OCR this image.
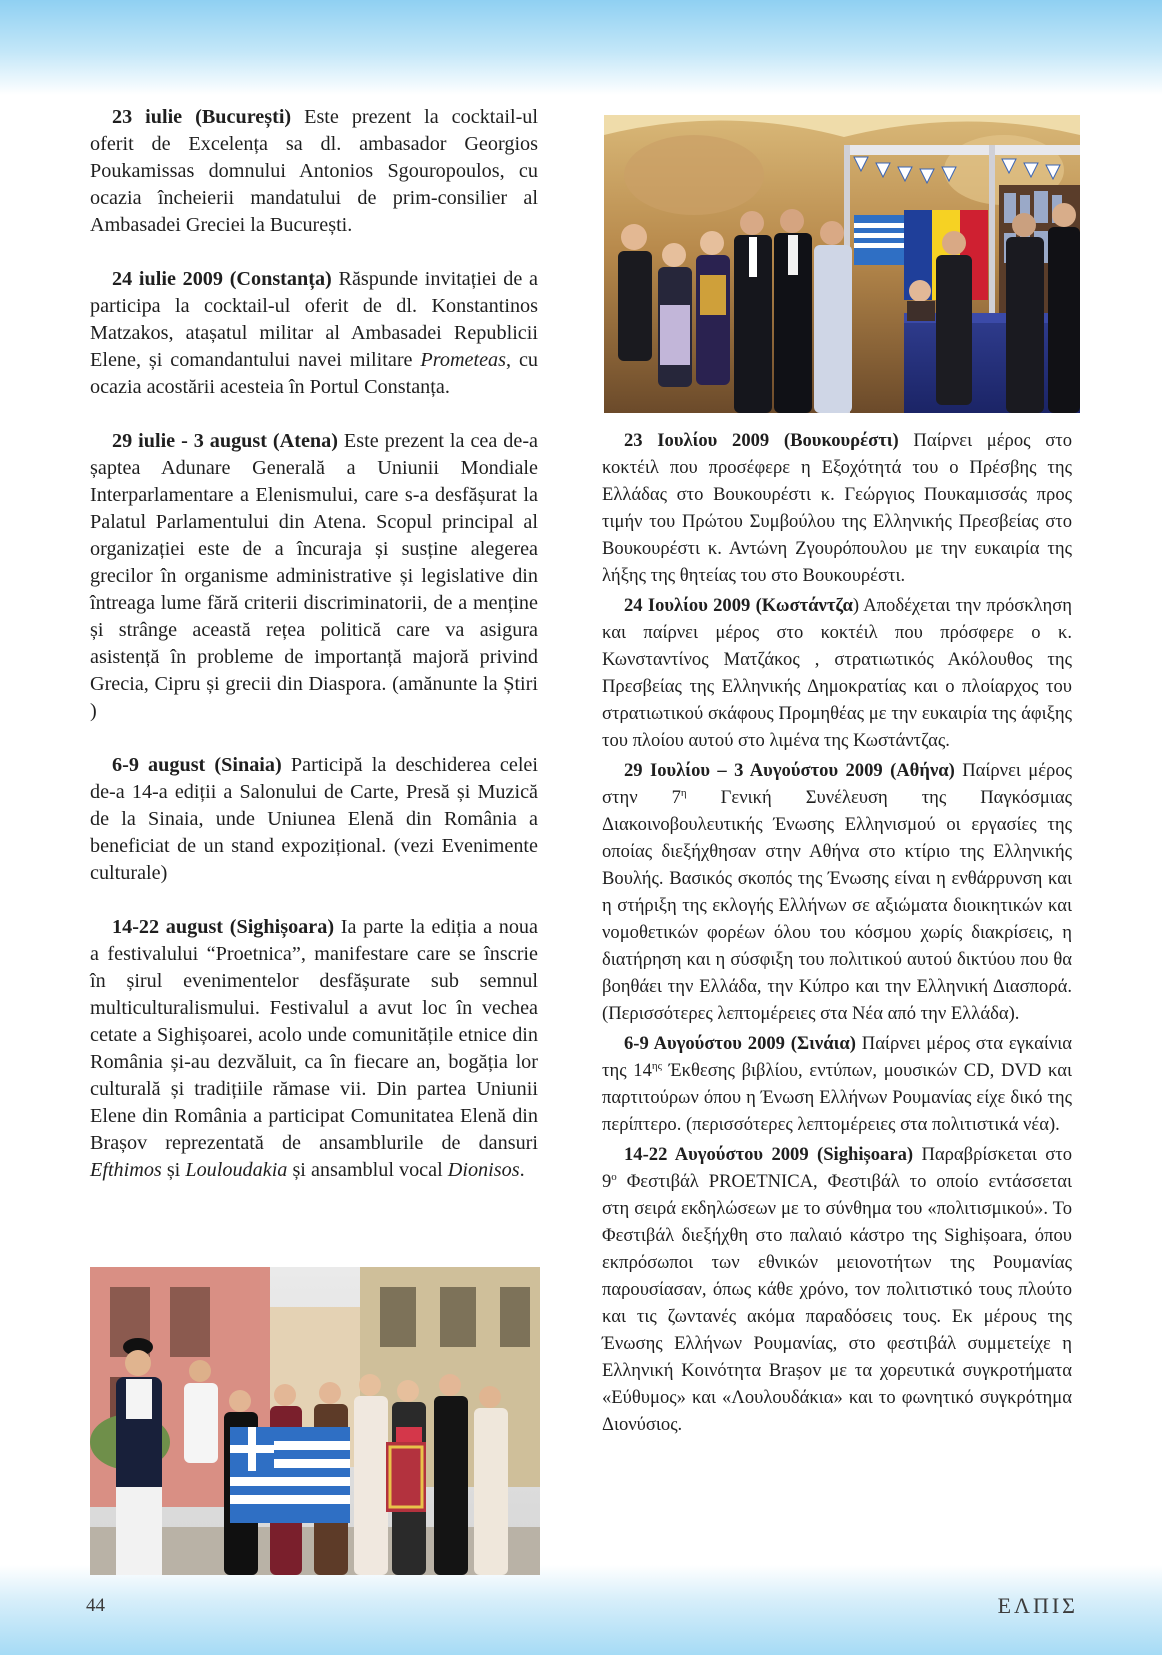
23 iulie (București) Este prezent la cocktail-ul oferit de Excelența sa dl. ambasador Georgios Poukamissas domnului Antonios Sgouropoulos, cu ocazia încheierii mandatului de prim-consilier al Ambasadei Greciei la București.

24 iulie 2009 (Constanța) Răspunde invitației de a participa la cocktail-ul oferit de dl. Konstantinos Matzakos, atașatul militar al Ambasadei Republicii Elene, și comandantului navei militare Prometeas, cu ocazia acostării acesteia în Portul Constanța.

29 iulie - 3 august (Atena) Este prezent la cea de-a șaptea Adunare Generală a Uniunii Mondiale Interparlamentare a Elenismului, care s-a desfășurat la Palatul Parlamentului din Atena. Scopul principal al organizației este de a încuraja și susține alegerea grecilor în organisme administrative și legislative din întreaga lume fără criterii discriminatorii, de a menține și strânge această rețea politică care va asigura asistență în probleme de importanță majoră privind Grecia, Cipru și grecii din Diaspora. (amănunte la Știri )

6-9 august (Sinaia) Participă la deschiderea celei de-a 14-a ediții a Salonului de Carte, Presă și Muzică de la Sinaia, unde Uniunea Elenă din România a beneficiat de un stand expozițional. (vezi Evenimente culturale)

14-22 august (Sighișoara) Ia parte la ediția a noua a festivalului “Proetnica”, manifestare care se înscrie în șirul evenimentelor desfășurate sub semnul multiculturalismului. Festivalul a avut loc în vechea cetate a Sighișoarei, acolo unde comunitățile etnice din România și-au dezvăluit, ca în fiecare an, bogăția lor culturală și tradițiile rămase vii. Din partea Uniunii Elene din România a participat Comunitatea Elenă din Brașov reprezentată de ansamblurile de dansuri Efthimos și Louloudakia și ansamblul vocal Dionisos.

23 Ιουλίου 2009 (Βουκουρέστι) Παίρνει μέρος στο κοκτέιλ που προσέφερε η Εξοχότητά του ο Πρέσβης της Ελλάδας στο Βουκουρέστι κ. Γεώργιος Πουκαμισσάς προς τιμήν του Πρώτου Συμβούλου της Ελληνικής Πρεσβείας στο Βουκουρέστι κ. Αντώνη Ζγουρόπουλου με την ευκαιρία της λήξης της θητείας του στο Βουκουρέστι.

24 Ιουλίου 2009 (Κωστάντζα) Αποδέχεται την πρόσκληση και παίρνει μέρος στο κοκτέιλ που πρόσφερε ο κ. Κωνσταντίνος Ματζάκος , στρατιωτικός Ακόλουθος της Πρεσβείας της Ελληνικής Δημοκρατίας και ο πλοίαρχος του στρατιωτικού σκάφους Προμηθέας με την ευκαιρία της άφιξης του πλοίου αυτού στο λιμένα της Κωστάντζας.

29 Ιουλίου – 3 Αυγούστου 2009 (Αθήνα) Παίρνει μέρος στην $7^\eta$ Γενική Συνέλευση της Παγκόσμιας Διακοινοβουλευτικής Ένωσης Ελληνισμού οι εργασίες της οποίας διεξήχθησαν στην Αθήνα στο κτίριο της Ελληνικής Βουλής. Βασικός σκοπός της Ένωσης είναι η ενθάρρυνση και η στήριξη της εκλογής Ελλήνων σε αξιώματα διοικητικών και νομοθετικών φορέων όλου του κόσμου χωρίς διακρίσεις, η διατήρηση και η σύσφιξη του πολιτικού αυτού δικτύου που θα βοηθάει την Ελλάδα, την Κύπρο και την Ελληνική Διασπορά. (Περισσότερες λεπτομέρειες στα Νέα από την Ελλάδα).

6-9 Αυγούστου 2009 (Σινάια) Παίρνει μέρος στα εγκαίνια της $14^{\eta\varsigma}$ Έκθεσης βιβλίου, εντύπων, μουσικών CD, DVD και παρτιτούρων όπου η Ένωση Ελλήνων Ρουμανίας είχε δικό της περίπτερο. (περισσότερες λεπτομέρειες στα πολιτιστικά νέα).

14-22 Αυγούστου 2009 (Sighișoara) Παραβρίσκεται στο $9^o$ Φεστιβάλ PROETNICA, Φεστιβάλ το οποίο εντάσσεται στη σειρά εκδηλώσεων με το σύνθημα του «πολιτισμικού». Το Φεστιβάλ διεξήχθη στο παλαιό κάστρο της Sighișoara, όπου εκπρόσωποι των εθνικών μειονοτήτων της Ρουμανίας παρουσίασαν, όπως κάθε χρόνο, τον πολιτιστικό τους πλούτο και τις ζωντανές ακόμα παραδόσεις τους. Εκ μέρους της Ένωσης Ελλήνων Ρουμανίας, στο φεστιβάλ συμμετείχε η Ελληνική Κοινότητα Brașov με τα χορευτικά συγκροτήματα «Εύθυμος» και «Λουλουδάκια» και το φωνητικό συγκρότημα Διονύσιος.

44	ΕΛΠΙΣ
